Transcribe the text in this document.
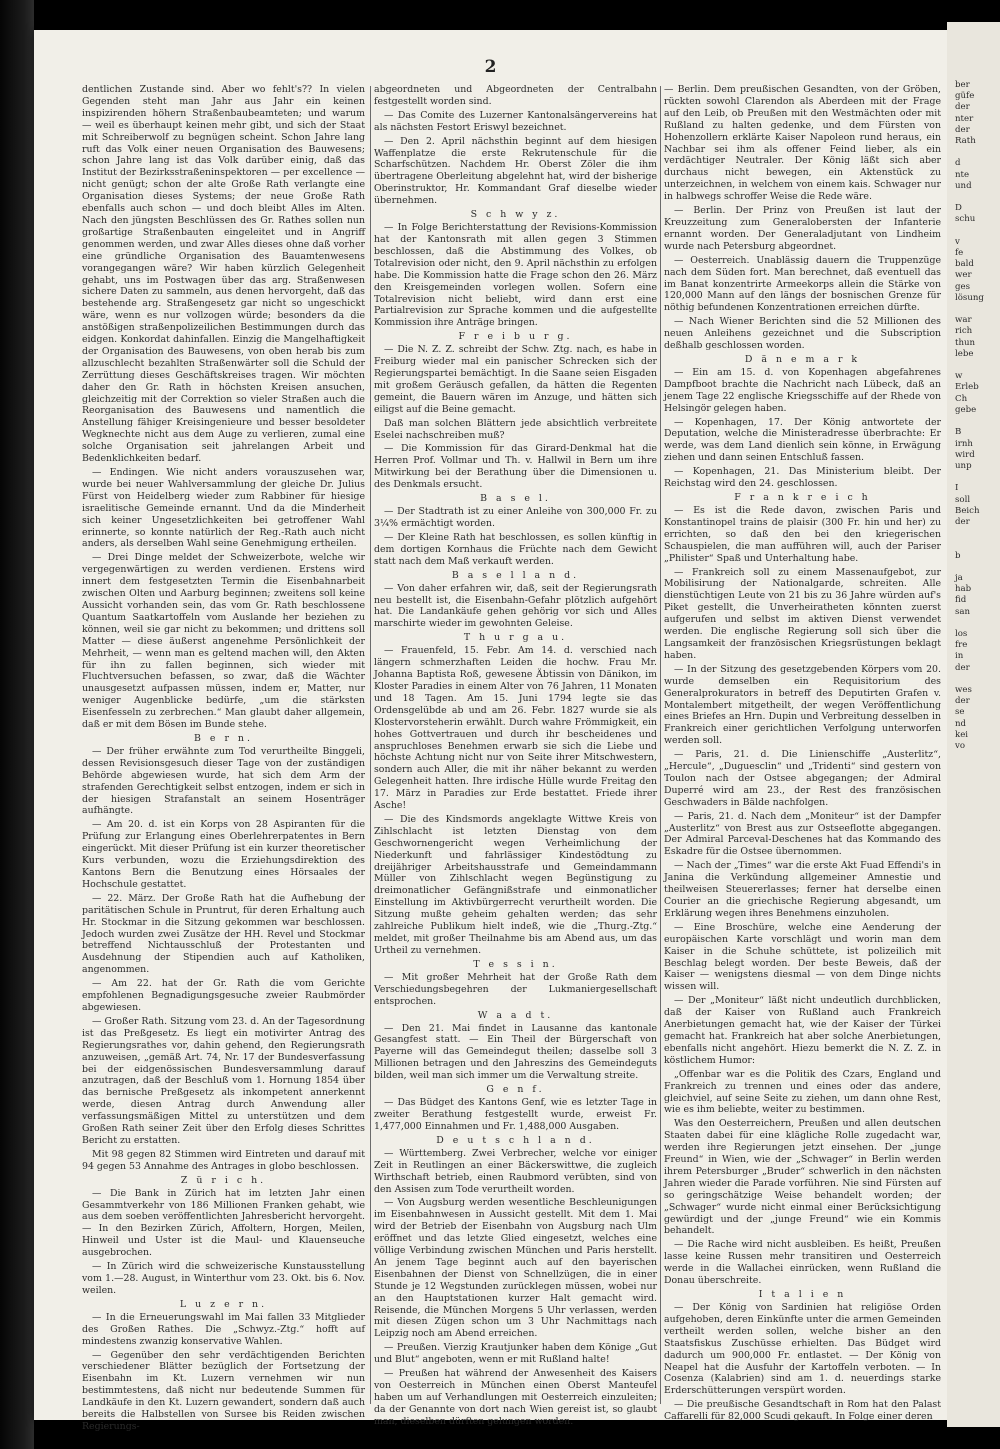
2
dentlichen Zustande sind. Aber wo fehlt's?? In vielen Gegenden steht man Jahr aus Jahr ein keinen inspizirenden höhern Straßenbaubeamteten; und warum — weil es überhaupt keinen mehr gibt, und sich der Staat mit Schreiberwolf zu begnügen scheint. Schon Jahre lang ruft das Volk einer neuen Organisation des Bauwesens; schon Jahre lang ist das Volk darüber einig, daß das Institut der Bezirksstraßeninspektoren — per excellence — nicht genügt; schon der alte Große Rath verlangte eine Organisation dieses Systems; der neue Große Rath ebenfalls auch schon — und doch bleibt Alles im Alten. Nach den jüngsten Beschlüssen des Gr. Rathes sollen nun großartige Straßenbauten eingeleitet und in Angriff genommen werden, und zwar Alles dieses ohne daß vorher eine gründliche Organisation des Bauamtenwesens vorangegangen wäre? Wir haben kürzlich Gelegenheit gehabt, uns im Postwagen über das arg. Straßenwesen sichere Daten zu sammeln, aus denen hervorgeht, daß das bestehende arg. Straßengesetz gar nicht so ungeschickt wäre, wenn es nur vollzogen würde; besonders da die anstößigen straßenpolizeilichen Bestimmungen durch das eidgen. Konkordat dahinfallen. Einzig die Mangelhaftigkeit der Organisation des Bauwesens, von oben herab bis zum allzuschlecht bezahlten Straßenwärter soll die Schuld der Zerrüttung dieses Geschäftskreises tragen. Wir möchten daher den Gr. Rath in höchsten Kreisen ansuchen, gleichzeitig mit der Correktion so vieler Straßen auch die Reorganisation des Bauwesens und namentlich die Anstellung fähiger Kreisingenieure und besser besoldeter Wegknechte nicht aus dem Auge zu verlieren, zumal eine solche Organisation seit jahrelangen Arbeit und Bedenklichkeiten bedarf.
— Endingen. Wie nicht anders vorauszusehen war, wurde bei neuer Wahlversammlung der gleiche Dr. Julius Fürst von Heidelberg wieder zum Rabbiner für hiesige israelitische Gemeinde ernannt. Und da die Minderheit sich keiner Ungesetzlichkeiten bei getroffener Wahl erinnerte, so konnte natürlich der Reg.-Rath auch nicht anders, als derselben Wahl seine Genehmigung ertheilen.
— Drei Dinge meldet der Schweizerbote, welche wir vergegenwärtigen zu werden verdienen. Erstens wird innert dem festgesetzten Termin die Eisenbahnarbeit zwischen Olten und Aarburg beginnen; zweitens soll keine Aussicht vorhanden sein, das vom Gr. Rath beschlossene Quantum Saatkartoffeln vom Auslande her beziehen zu können, weil sie gar nicht zu bekommen; und drittens soll Matter — diese äußerst angenehme Persönlichkeit der Mehrheit, — wenn man es geltend machen will, den Akten für ihn zu fallen beginnen, sich wieder mit Fluchtversuchen befassen, so zwar, daß die Wächter unausgesetzt aufpassen müssen, indem er, Matter, nur weniger Augenblicke bedürfe, „um die stärksten Eisenfesseln zu zerbrechen.“ Man glaubt daher allgemein, daß er mit dem Bösen im Bunde stehe.
B e r n.
— Der früher erwähnte zum Tod verurtheilte Binggeli, dessen Revisionsgesuch dieser Tage von der zuständigen Behörde abgewiesen wurde, hat sich dem Arm der strafenden Gerechtigkeit selbst entzogen, indem er sich in der hiesigen Strafanstalt an seinem Hosenträger aufhängte.
— Am 20. d. ist ein Korps von 28 Aspiranten für die Prüfung zur Erlangung eines Oberlehrerpatentes in Bern eingerückt. Mit dieser Prüfung ist ein kurzer theoretischer Kurs verbunden, wozu die Erziehungsdirektion des Kantons Bern die Benutzung eines Hörsaales der Hochschule gestattet.
— 22. März. Der Große Rath hat die Aufhebung der paritätischen Schule in Pruntrut, für deren Erhaltung auch Hr. Stockmar in die Sitzung gekommen war beschlossen. Jedoch wurden zwei Zusätze der HH. Revel und Stockmar betreffend Nichtausschluß der Protestanten und Ausdehnung der Stipendien auch auf Katholiken, angenommen.
— Am 22. hat der Gr. Rath die vom Gerichte empfohlenen Begnadigungsgesuche zweier Raubmörder abgewiesen.
— Großer Rath. Sitzung vom 23. d. An der Tagesordnung ist das Preßgesetz. Es liegt ein motivirter Antrag des Regierungsrathes vor, dahin gehend, den Regierungsrath anzuweisen, „gemäß Art. 74, Nr. 17 der Bundesverfassung bei der eidgenössischen Bundesversammlung darauf anzutragen, daß der Beschluß vom 1. Hornung 1854 über das bernische Preßgesetz als inkompetent annerkennt werde, diesen Antrag durch Anwendung aller verfassungsmäßigen Mittel zu unterstützen und dem Großen Rath seiner Zeit über den Erfolg dieses Schrittes Bericht zu erstatten.
Mit 98 gegen 82 Stimmen wird Eintreten und darauf mit 94 gegen 53 Annahme des Antrages in globo beschlossen.
Z ü r i c h.
— Die Bank in Zürich hat im letzten Jahr einen Gesammtverkehr von 186 Millionen Franken gehabt, wie aus dem soeben veröffentlichten Jahresbericht hervorgeht. — In den Bezirken Zürich, Affoltern, Horgen, Meilen, Hinweil und Uster ist die Maul- und Klauenseuche ausgebrochen.
— In Zürich wird die schweizerische Kunstausstellung vom 1.—28. August, in Winterthur vom 23. Okt. bis 6. Nov. weilen.
L u z e r n.
— In die Erneuerungswahl im Mai fallen 33 Mitglieder des Großen Rathes. Die „Schwyz.-Ztg.“ hofft auf mindestens zwanzig konservative Wahlen.
— Gegenüber den sehr verdächtigenden Berichten verschiedener Blätter bezüglich der Fortsetzung der Eisenbahn im Kt. Luzern vernehmen wir nun bestimmtestens, daß nicht nur bedeutende Summen für Landkäufe in den Kt. Luzern gewandert, sondern daß auch bereits die Halbstellen von Sursee bis Reiden zwischen Regierungs-
abgeordneten und Abgeordneten der Centralbahn festgestellt worden sind.
— Das Comite des Luzerner Kantonalsängervereins hat als nächsten Festort Eriswyl bezeichnet.
— Den 2. April nächsthin beginnt auf dem hiesigen Waffenplatze die erste Rekrutenschule für die Scharfschützen. Nachdem Hr. Oberst Zöler die ihm übertragene Oberleitung abgelehnt hat, wird der bisherige Oberinstruktor, Hr. Kommandant Graf dieselbe wieder übernehmen.
S c h w y z.
— In Folge Berichterstattung der Revisions-Kommission hat der Kantonsrath mit allen gegen 3 Stimmen beschlossen, daß die Abstimmung des Volkes, ob Totalrevision oder nicht, den 9. April nächsthin zu erfolgen habe. Die Kommission hatte die Frage schon den 26. März den Kreisgemeinden vorlegen wollen. Sofern eine Totalrevision nicht beliebt, wird dann erst eine Partialrevision zur Sprache kommen und die aufgestellte Kommission ihre Anträge bringen.
F r e i b u r g.
— Die N. Z. Z. schreibt der Schw. Ztg. nach, es habe in Freiburg wieder mal ein panischer Schrecken sich der Regierungspartei bemächtigt. In die Saane seien Eisgaden mit großem Geräusch gefallen, da hätten die Regenten gemeint, die Bauern wären im Anzuge, und hätten sich eiligst auf die Beine gemacht.
Daß man solchen Blättern jede absichtlich verbreitete Eselei nachschreiben muß?
— Die Kommission für das Girard-Denkmal hat die Herren Prof. Vollmar und Th. v. Hallwil in Bern um ihre Mitwirkung bei der Berathung über die Dimensionen u. des Denkmals ersucht.
B a s e l.
— Der Stadtrath ist zu einer Anleihe von 300,000 Fr. zu 3¼% ermächtigt worden.
— Der Kleine Rath hat beschlossen, es sollen künftig in dem dortigen Kornhaus die Früchte nach dem Gewicht statt nach dem Maß verkauft werden.
B a s e l l a n d.
— Von daher erfahren wir, daß, seit der Regierungsrath neu bestellt ist, die Eisenbahn-Gefahr plötzlich aufgehört hat. Die Landankäufe gehen gehörig vor sich und Alles marschirte wieder im gewohnten Geleise.
T h u r g a u.
— Frauenfeld, 15. Febr. Am 14. d. verschied nach längern schmerzhaften Leiden die hochw. Frau Mr. Johanna Baptista Roß, gewesene Äbtissin von Dänikon, im Kloster Paradies in einem Alter von 76 Jahren, 11 Monaten und 18 Tagen. Am 15. Juni 1794 legte sie das Ordensgelübde ab und am 26. Febr. 1827 wurde sie als Klostervorsteherin erwählt. Durch wahre Frömmigkeit, ein hohes Gottvertrauen und durch ihr bescheidenes und anspruchloses Benehmen erwarb sie sich die Liebe und höchste Achtung nicht nur von Seite ihrer Mitschwestern, sondern auch Aller, die mit ihr näher bekannt zu werden Gelegenheit hatten. Ihre irdische Hülle wurde Freitag den 17. März in Paradies zur Erde bestattet. Friede ihrer Asche!
— Die des Kindsmords angeklagte Wittwe Kreis von Zihlschlacht ist letzten Dienstag von dem Geschwornengericht wegen Verheimlichung der Niederkunft und fahrlässiger Kindestödtung zu dreijähriger Arbeitshausstrafe und Gemeindammann Müller von Zihlschlacht wegen Begünstigung zu dreimonatlicher Gefängnißstrafe und einmonatlicher Einstellung im Aktivbürgerrecht verurtheilt worden. Die Sitzung mußte geheim gehalten werden; das sehr zahlreiche Publikum hielt indeß, wie die „Thurg.-Ztg.“ meldet, mit großer Theilnahme bis am Abend aus, um das Urtheil zu vernehmen.
T e s s i n.
— Mit großer Mehrheit hat der Große Rath dem Verschiedungsbegehren der Lukmaniergesellschaft entsprochen.
W a a d t.
— Den 21. Mai findet in Lausanne das kantonale Gesangfest statt. — Ein Theil der Bürgerschaft von Payerne will das Gemeindegut theilen; dasselbe soll 3 Millionen betragen und den Jahreszins des Gemeindeguts bilden, weil man sich immer um die Verwaltung streite.
G e n f.
— Das Büdget des Kantons Genf, wie es letzter Tage in zweiter Berathung festgestellt wurde, erweist Fr. 1,477,000 Einnahmen und Fr. 1,488,000 Ausgaben.
D e u t s c h l a n d.
— Württemberg. Zwei Verbrecher, welche vor einiger Zeit in Reutlingen an einer Bäckerswittwe, die zugleich Wirthschaft betrieb, einen Raubmord verübten, sind von den Assisen zum Tode verurtheilt worden.
— Von Augsburg werden wesentliche Beschleunigungen im Eisenbahnwesen in Aussicht gestellt. Mit dem 1. Mai wird der Betrieb der Eisenbahn von Augsburg nach Ulm eröffnet und das letzte Glied eingesetzt, welches eine völlige Verbindung zwischen München und Paris herstellt. An jenem Tage beginnt auch auf den bayerischen Eisenbahnen der Dienst von Schnellzügen, die in einer Stunde je 12 Wegstunden zurücklegen müssen, wobei nur an den Hauptstationen kurzer Halt gemacht wird. Reisende, die München Morgens 5 Uhr verlassen, werden mit diesen Zügen schon um 3 Uhr Nachmittags nach Leipzig noch am Abend erreichen.
— Preußen. Vierzig Krautjunker haben dem Könige „Gut und Blut“ angeboten, wenn er mit Rußland halte!
— Preußen hat während der Anwesenheit des Kaisers von Oesterreich in München einen Oberst Manteufel haben um auf Verhandlungen mit Oesterreich einzuleiten; da der Genannte von dort nach Wien gereist ist, so glaubt man, dieselben dürften gelungen worden.
— Berlin. Dem preußischen Gesandten, von der Gröben, rückten sowohl Clarendon als Aberdeen mit der Frage auf den Leib, ob Preußen mit den Westmächten oder mit Rußland zu halten gedenke, und dem Fürsten von Hohenzollern erklärte Kaiser Napoleon rund heraus, ein Nachbar sei ihm als offener Feind lieber, als ein verdächtiger Neutraler. Der König läßt sich aber durchaus nicht bewegen, ein Aktenstück zu unterzeichnen, in welchem von einem kais. Schwager nur in halbwegs schroffer Weise die Rede wäre.
— Berlin. Der Prinz von Preußen ist laut der Kreuzzeitung zum Generalobersten der Infanterie ernannt worden. Der Generaladjutant von Lindheim wurde nach Petersburg abgeordnet.
— Oesterreich. Unablässig dauern die Truppenzüge nach dem Süden fort. Man berechnet, daß eventuell das im Banat konzentrirte Armeekorps allein die Stärke von 120,000 Mann auf den längs der bosnischen Grenze für nöthig befundenen Konzentrationen erreichen dürfte.
— Nach Wiener Berichten sind die 52 Millionen des neuen Anleihens gezeichnet und die Subscription deßhalb geschlossen worden.
D ä n e m a r k
— Ein am 15. d. von Kopenhagen abgefahrenes Dampfboot brachte die Nachricht nach Lübeck, daß an jenem Tage 22 englische Kriegsschiffe auf der Rhede von Helsingör gelegen haben.
— Kopenhagen, 17. Der König antwortete der Deputation, welche die Ministeradresse überbrachte: Er werde, was dem Land dienlich sein könne, in Erwägung ziehen und dann seinen Entschluß fassen.
— Kopenhagen, 21. Das Ministerium bleibt. Der Reichstag wird den 24. geschlossen.
F r a n k r e i c h
— Es ist die Rede davon, zwischen Paris und Konstantinopel trains de plaisir (300 Fr. hin und her) zu errichten, so daß den bei den kriegerischen Schauspielen, die man aufführen will, auch der Pariser „Philister“ Spaß und Unterhaltung habe.
— Frankreich soll zu einem Massenaufgebot, zur Mobilisirung der Nationalgarde, schreiten. Alle dienstüchtigen Leute von 21 bis zu 36 Jahre würden auf's Piket gestellt, die Unverheiratheten könnten zuerst aufgerufen und selbst im aktiven Dienst verwendet werden. Die englische Regierung soll sich über die Langsamkeit der französischen Kriegsrüstungen beklagt haben.
— In der Sitzung des gesetzgebenden Körpers vom 20. wurde demselben ein Requisitorium des Generalprokurators in betreff des Deputirten Grafen v. Montalembert mitgetheilt, der wegen Veröffentlichung eines Briefes an Hrn. Dupin und Verbreitung desselben in Frankreich einer gerichtlichen Verfolgung unterworfen werden soll.
— Paris, 21. d. Die Linienschiffe „Austerlitz“, „Hercule“, „Duguesclin“ und „Tridenti“ sind gestern von Toulon nach der Ostsee abgegangen; der Admiral Duperré wird am 23., der Rest des französischen Geschwaders in Bälde nachfolgen.
— Paris, 21. d. Nach dem „Moniteur“ ist der Dampfer „Austerlitz“ von Brest aus zur Ostseeflotte abgegangen. Der Admiral Parceval-Deschenes hat das Kommando des Eskadre für die Ostsee übernommen.
— Nach der „Times“ war die erste Akt Fuad Effendi's in Janina die Verkündung allgemeiner Amnestie und theilweisen Steuererlasses; ferner hat derselbe einen Courier an die griechische Regierung abgesandt, um Erklärung wegen ihres Benehmens einzuholen.
— Eine Broschüre, welche eine Aenderung der europäischen Karte vorschlägt und worin man dem Kaiser in die Schuhe schüttete, ist polizeilich mit Beschlag belegt worden. Der beste Beweis, daß der Kaiser — wenigstens diesmal — von dem Dinge nichts wissen will.
— Der „Moniteur“ läßt nicht undeutlich durchblicken, daß der Kaiser von Rußland auch Frankreich Anerbietungen gemacht hat, wie der Kaiser der Türkei gemacht hat. Frankreich hat aber solche Anerbietungen, ebenfalls nicht angehört. Hiezu bemerkt die N. Z. Z. in köstlichem Humor:
„Offenbar war es die Politik des Czars, England und Frankreich zu trennen und eines oder das andere, gleichviel, auf seine Seite zu ziehen, um dann ohne Rest, wie es ihm beliebte, weiter zu bestimmen.
Was den Oesterreichern, Preußen und allen deutschen Staaten dabei für eine klägliche Rolle zugedacht war, werden ihre Regierungen jetzt einsehen. Der „junge Freund“ in Wien, wie der „Schwager“ in Berlin werden ihrem Petersburger „Bruder“ schwerlich in den nächsten Jahren wieder die Parade vorführen. Nie sind Fürsten auf so geringschätzige Weise behandelt worden; der „Schwager“ wurde nicht einmal einer Berücksichtigung gewürdigt und der „junge Freund“ wie ein Kommis behandelt.
— Die Rache wird nicht ausbleiben. Es heißt, Preußen lasse keine Russen mehr transitiren und Oesterreich werde in die Wallachei einrücken, wenn Rußland die Donau überschreite.
I t a l i e n
— Der König von Sardinien hat religiöse Orden aufgehoben, deren Einkünfte unter die armen Gemeinden vertheilt werden sollen, welche bisher an den Staatsfiskus Zuschüsse erhielten. Das Büdget wird dadurch um 900,000 Fr. entlastet. — Der König von Neapel hat die Ausfuhr der Kartoffeln verboten. — In Cosenza (Kalabrien) sind am 1. d. neuerdings starke Erderschütterungen verspürt worden.
— Die preußische Gesandtschaft in Rom hat den Palast Caffarelli für 82,000 Scudi gekauft. In Folge einer deren
ber
güfe
der
nter
der
Rath

d
nte
und

D
schu

v
fe
bald
wer
ges
lösung

war
rich
thun
lebe

w
Erleb
Ch
gebe

B
irnh
wird
unp

I
soll
Beich
der

b

ja
hab
fid
san

los
fre
in
der

wes
der
se
nd
kei
vo
